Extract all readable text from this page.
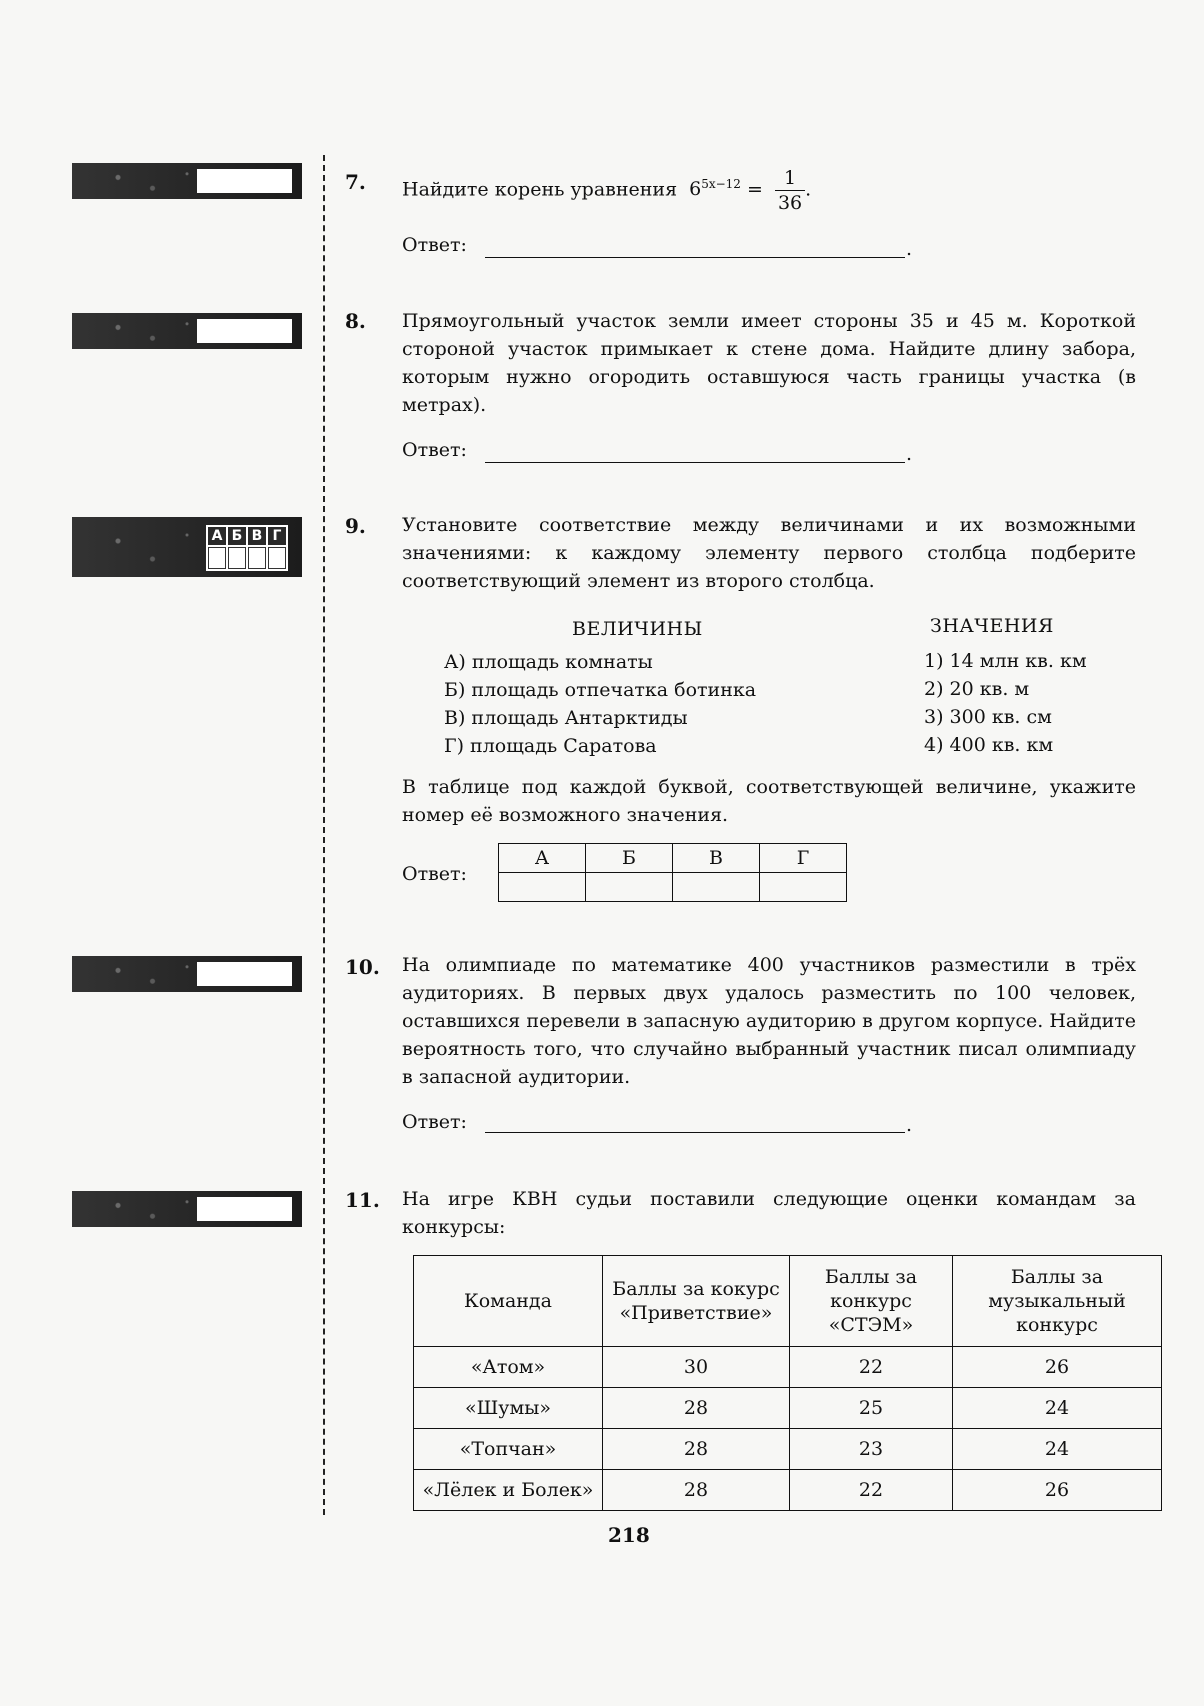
А Б В Г
7. Найдите корень уравнения $6^{5x-12} = \frac{1}{36}$ .
Ответ:	.
8. Прямоугольный участок земли имеет стороны 35 и 45 м. Короткой стороной участок примыкает к стене дома. Найдите длину забора, которым нужно огородить оставшуюся часть границы участка (в метрах).
Ответ:	.
9. Установите соответствие между величинами и их возможными значениями: к каждому элементу первого столбца подберите соответствующий элемент из второго столбца.
ВЕЛИЧИНЫ	ЗНАЧЕНИЯ
А) площадь комнаты
Б) площадь отпечатка ботинка
В) площадь Антарктиды
Г) площадь Саратова
1) 14 млн кв. км
2) 20 кв. м
3) 300 кв. см
4) 400 кв. км
В таблице под каждой буквой, соответствующей величине, укажите номер её возможного значения.
Ответ:
А	Б	В	Г

10. На олимпиаде по математике 400 участников разместили в трёх аудиториях. В первых двух удалось разместить по 100 человек, оставшихся перевели в запасную аудиторию в другом корпусе. Найдите вероятность того, что случайно выбранный участник писал олимпиаду в запасной аудитории.
Ответ:	.
11. На игре КВН судьи поставили следующие оценки командам за конкурсы:
Команда	Баллы за кокурс «Приветствие»	Баллы за конкурс «СТЭМ»	Баллы за музыкальный конкурс
«Атом»	30	22	26
«Шумы»	28	25	24
«Топчан»	28	23	24
«Лёлек и Болек»	28	22	26
218
